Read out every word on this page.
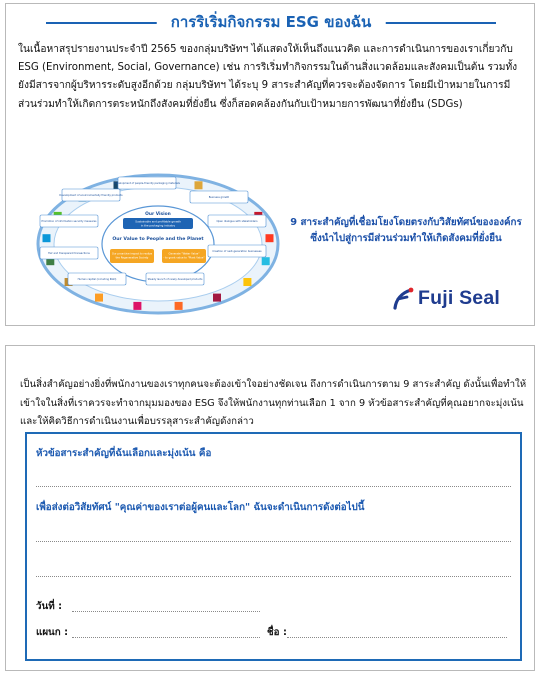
การริเริ่มกิจกรรม ESG ของฉัน

ในเนื้อหาสรุปรายงานประจำปี 2565 ของกลุ่มบริษัทฯ ได้แสดงให้เห็นถึงแนวคิด และการดำเนินการของเราเกี่ยวกับ ESG (Environment, Social, Governance) เช่น การริเริ่มทำกิจกรรมในด้านสิ่งแวดล้อมและสังคมเป็นต้น รวมทั้งยังมีสารจากผู้บริหารระดับสูงอีกด้วย กลุ่มบริษัทฯ ได้ระบุ 9 สาระสำคัญที่ควรจะต้องจัดการ โดยมีเป้าหมายในการมีส่วนร่วมทำให้เกิดการตระหนักถึงสังคมที่ยั่งยืน ซึ่งก็สอดคล้องกันกับเป้าหมายการพัฒนาที่ยั่งยืน (SDGs)

Our Vision
Sustainable and profitable growth
in the packaging industry
Our Value to People and the Planet
Our proactive impact to realize
the Regenerative Society
Generate "Water Value"
- to grant value to "Plant Value"
Development of environmentally friendly products
Development of people-friendly packaging materials
Business growth
Promotion of information security measures	Open dialogue with stakeholders
Fair and transparent transactions
Creation of next-generation businesses
Human capital (including RGD)	Steady launch of newly developed products
9 สาระสำคัญที่เชื่อมโยงโดยตรงกับวิสัยทัศน์ขององค์กร
ซึ่งนำไปสู่การมีส่วนร่วมทำให้เกิดสังคมที่ยั่งยืน
Fuji Seal

เป็นสิ่งสำคัญอย่างยิ่งที่พนักงานของเราทุกคนจะต้องเข้าใจอย่างชัดเจน ถึงการดำเนินการตาม 9 สาระสำคัญ ดังนั้นเพื่อทำให้เข้าใจในสิ่งที่เราควรจะทำจากมุมมองของ ESG จึงให้พนักงานทุกท่านเลือก 1 จาก 9 หัวข้อสาระสำคัญที่คุณอยากจะมุ่งเน้น และให้คิดวิธีการดำเนินงานเพื่อบรรลุสาระสำคัญดังกล่าว

หัวข้อสาระสำคัญที่ฉันเลือกและมุ่งเน้น คือ
เพื่อส่งต่อวิสัยทัศน์ "คุณค่าของเราต่อผู้คนและโลก" ฉันจะดำเนินการดังต่อไปนี้
วันที่ :
แผนก :	ชื่อ :
